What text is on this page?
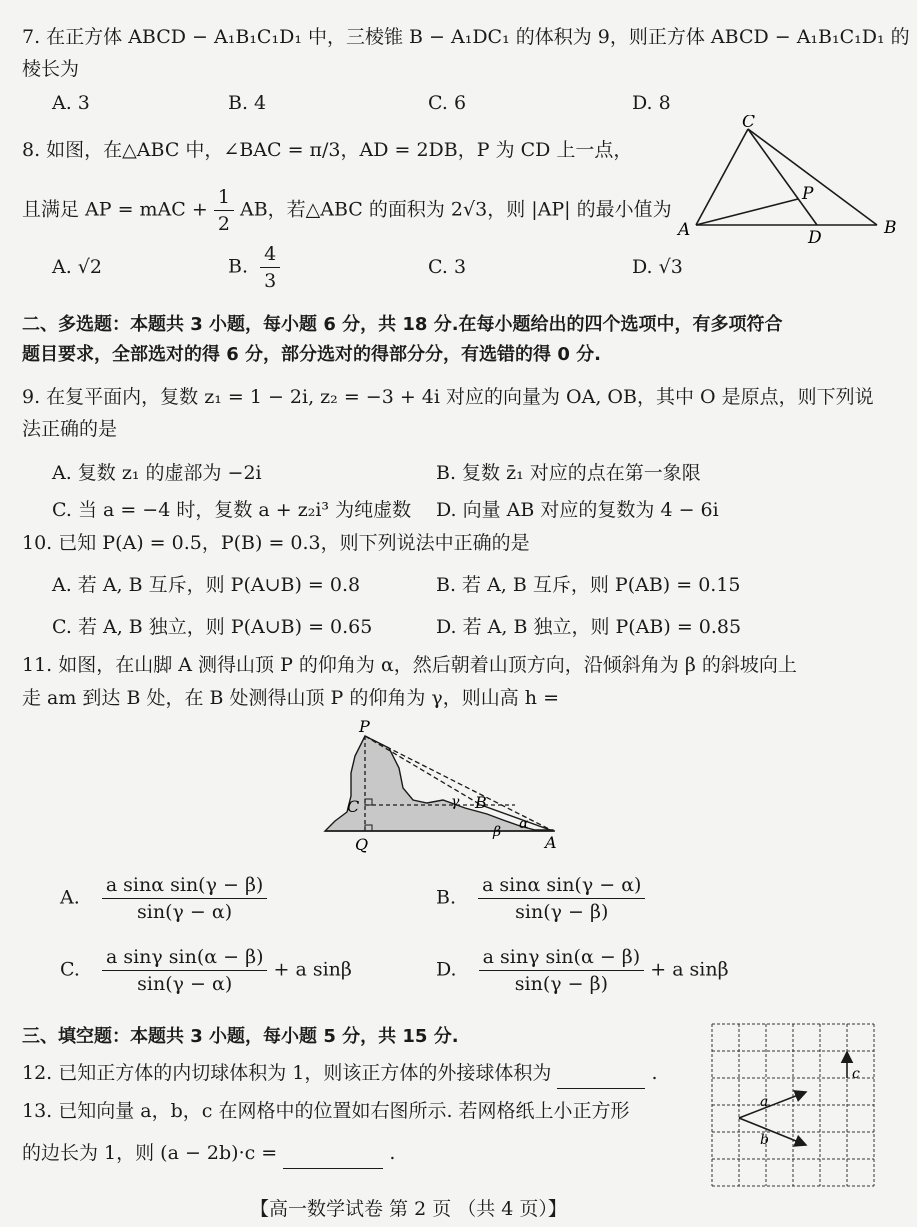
7. 在正方体 ABCD − A₁B₁C₁D₁ 中，三棱锥 B − A₁DC₁ 的体积为 9，则正方体 ABCD − A₁B₁C₁D₁ 的
棱长为
A. 3	B. 4	C. 6	D. 8
8. 如图，在△ABC 中，∠BAC = π/3，AD = 2DB，P 为 CD 上一点，
且满足 AP = mAC + $\frac{1}{2}$ AB，若△ABC 的面积为 2√3，则 |AP| 的最小值为
A. √2	B. $\frac{4}{3}$	C. 3	D. √3
A	B
C
D
P
二、多选题：本题共 3 小题，每小题 6 分，共 18 分.在每小题给出的四个选项中，有多项符合
题目要求，全部选对的得 6 分，部分选对的得部分分，有选错的得 0 分.
9. 在复平面内，复数 z₁ = 1 − 2i, z₂ = −3 + 4i 对应的向量为 OA, OB，其中 O 是原点，则下列说
法正确的是
A. 复数 z₁ 的虚部为 −2i	B. 复数 z̄₁ 对应的点在第一象限
C. 当 a = −4 时，复数 a + z₂i³ 为纯虚数 D. 向量 AB 对应的复数为 4 − 6i
10. 已知 P(A) = 0.5，P(B) = 0.3，则下列说法中正确的是
A. 若 A, B 互斥，则 P(A∪B) = 0.8	B. 若 A, B 互斥，则 P(AB) = 0.15
C. 若 A, B 独立，则 P(A∪B) = 0.65	D. 若 A, B 独立，则 P(AB) = 0.85
11. 如图，在山脚 A 测得山顶 P 的仰角为 α，然后朝着山顶方向，沿倾斜角为 β 的斜坡向上
走 am 到达 B 处，在 B 处测得山顶 P 的仰角为 γ，则山高 h =
P
C
Q	A
B
α
β
γ
A. $\frac{\text{a sinα sin(γ − β)}}{\sin(\gamma - \alpha)}$	B. $\frac{\text{a sinα sin(γ − α)}}{\sin(\gamma - \beta)}$
C. $\frac{\text{a sinγ sin(α − β)}}{\sin(\gamma - \alpha)} + a$ sinβ	D. $\frac{\text{a sinγ sin(α − β)}}{\sin(\gamma - \beta)} + a$ sinβ
三、填空题：本题共 3 小题，每小题 5 分，共 15 分.
12. 已知正方体的内切球体积为 1，则该正方体的外接球体积为	.
13. 已知向量 a，b，c 在网格中的位置如右图所示. 若网格纸上小正方形
的边长为 1，则 (a − 2b)·c =	.
a
b
c
【高一数学试卷 第 2 页 （共 4 页）】
